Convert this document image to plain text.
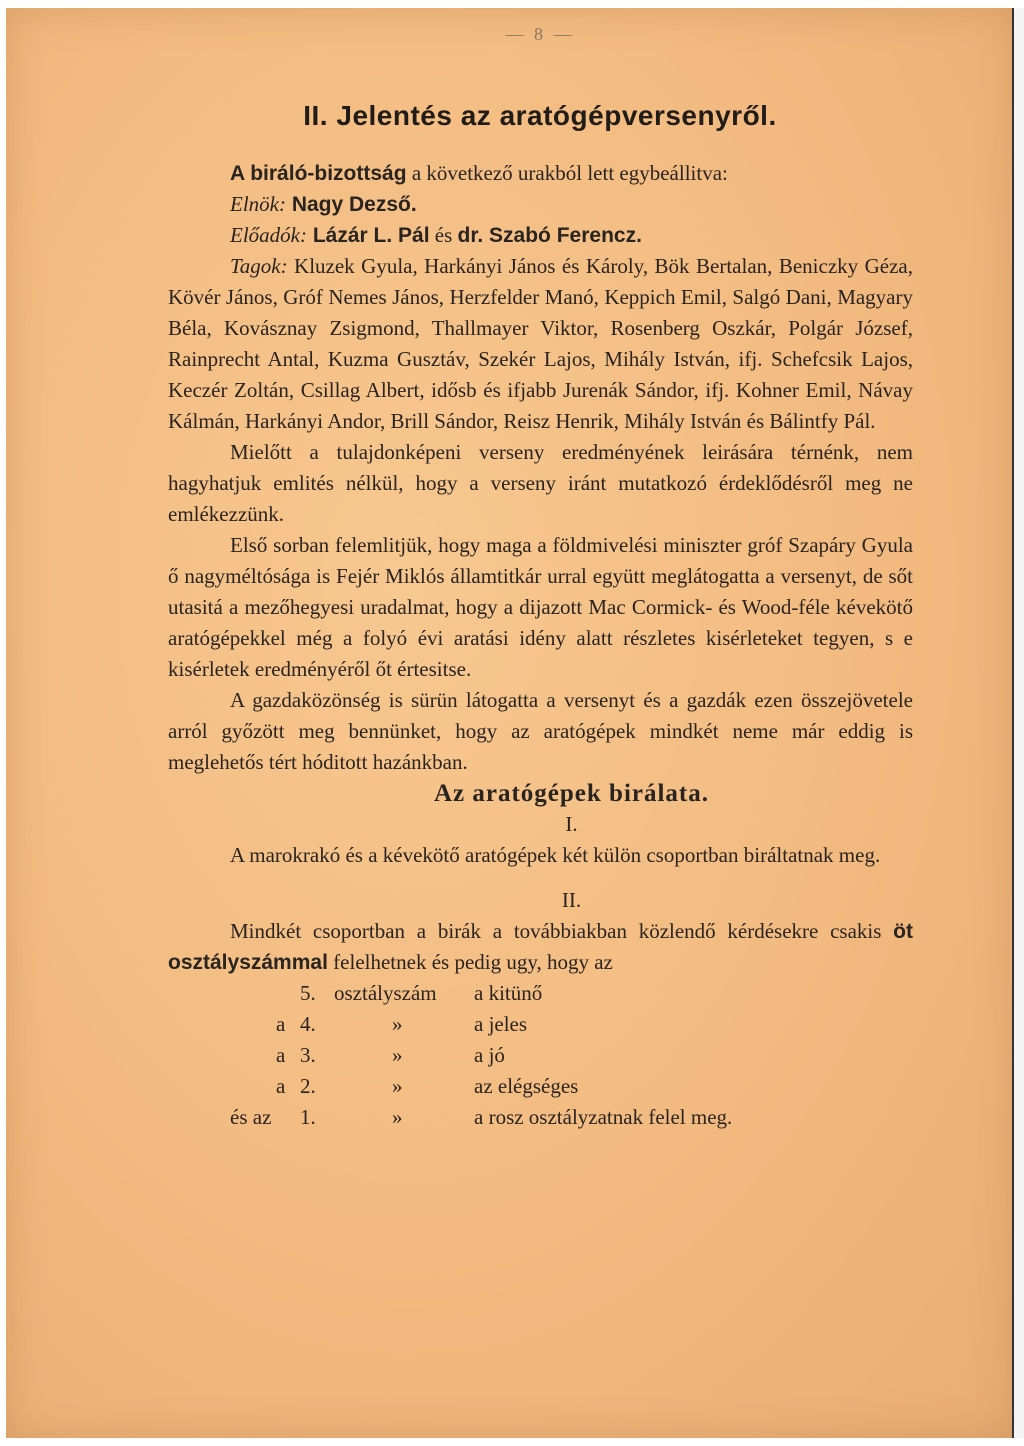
— 8 —
II. Jelentés az aratógépversenyről.

A biráló-bizottság a következő urakból lett egybeállitva:

Elnök: Nagy Dezső.

Előadók: Lázár L. Pál és dr. Szabó Ferencz.

Tagok: Kluzek Gyula, Harkányi János és Károly, Bök Bertalan, Beniczky Géza, Kövér János, Gróf Nemes János, Herzfelder Manó, Keppich Emil, Salgó Dani, Magyary Béla, Kovásznay Zsigmond, Thallmayer Viktor, Rosenberg Oszkár, Polgár József, Rainprecht Antal, Kuzma Gusztáv, Szekér Lajos, Mihály István, ifj. Schefcsik Lajos, Keczér Zoltán, Csillag Albert, idősb és ifjabb Jurenák Sándor, ifj. Kohner Emil, Návay Kálmán, Harkányi Andor, Brill Sándor, Reisz Henrik, Mihály István és Bálintfy Pál.

Mielőtt a tulajdonképeni verseny eredményének leirására térnénk, nem hagyhatjuk emlités nélkül, hogy a verseny iránt mutatkozó érdeklődésről meg ne emlékezzünk.

Első sorban felemlitjük, hogy maga a földmivelési miniszter gróf Szapáry Gyula ő nagyméltósága is Fejér Miklós államtitkár urral együtt meglátogatta a versenyt, de sőt utasitá a mezőhegyesi uradalmat, hogy a dijazott Mac Cormick- és Wood-féle kévekötő aratógépekkel még a folyó évi aratási idény alatt részletes kisérleteket tegyen, s e kisérletek eredményéről őt értesitse.

A gazdaközönség is sürün látogatta a versenyt és a gazdák ezen összejövetele arról győzött meg bennünket, hogy az aratógépek mindkét neme már eddig is meglehetős tért hóditott hazánkban.

Az aratógépek birálata.

I.

A marokrakó és a kévekötő aratógépek két külön csoportban biráltatnak meg.

II.

Mindkét csoportban a birák a továbbiakban közlendő kérdésekre csakis öt osztályszámmal felelhetnek és pedig ugy, hogy az

5. osztályszám a kitünő
a 4.	»	a jeles
a 3.	»	a jó
a 2.	»	az elégséges
és az 1.	»	a rosz osztályzatnak felel meg.
